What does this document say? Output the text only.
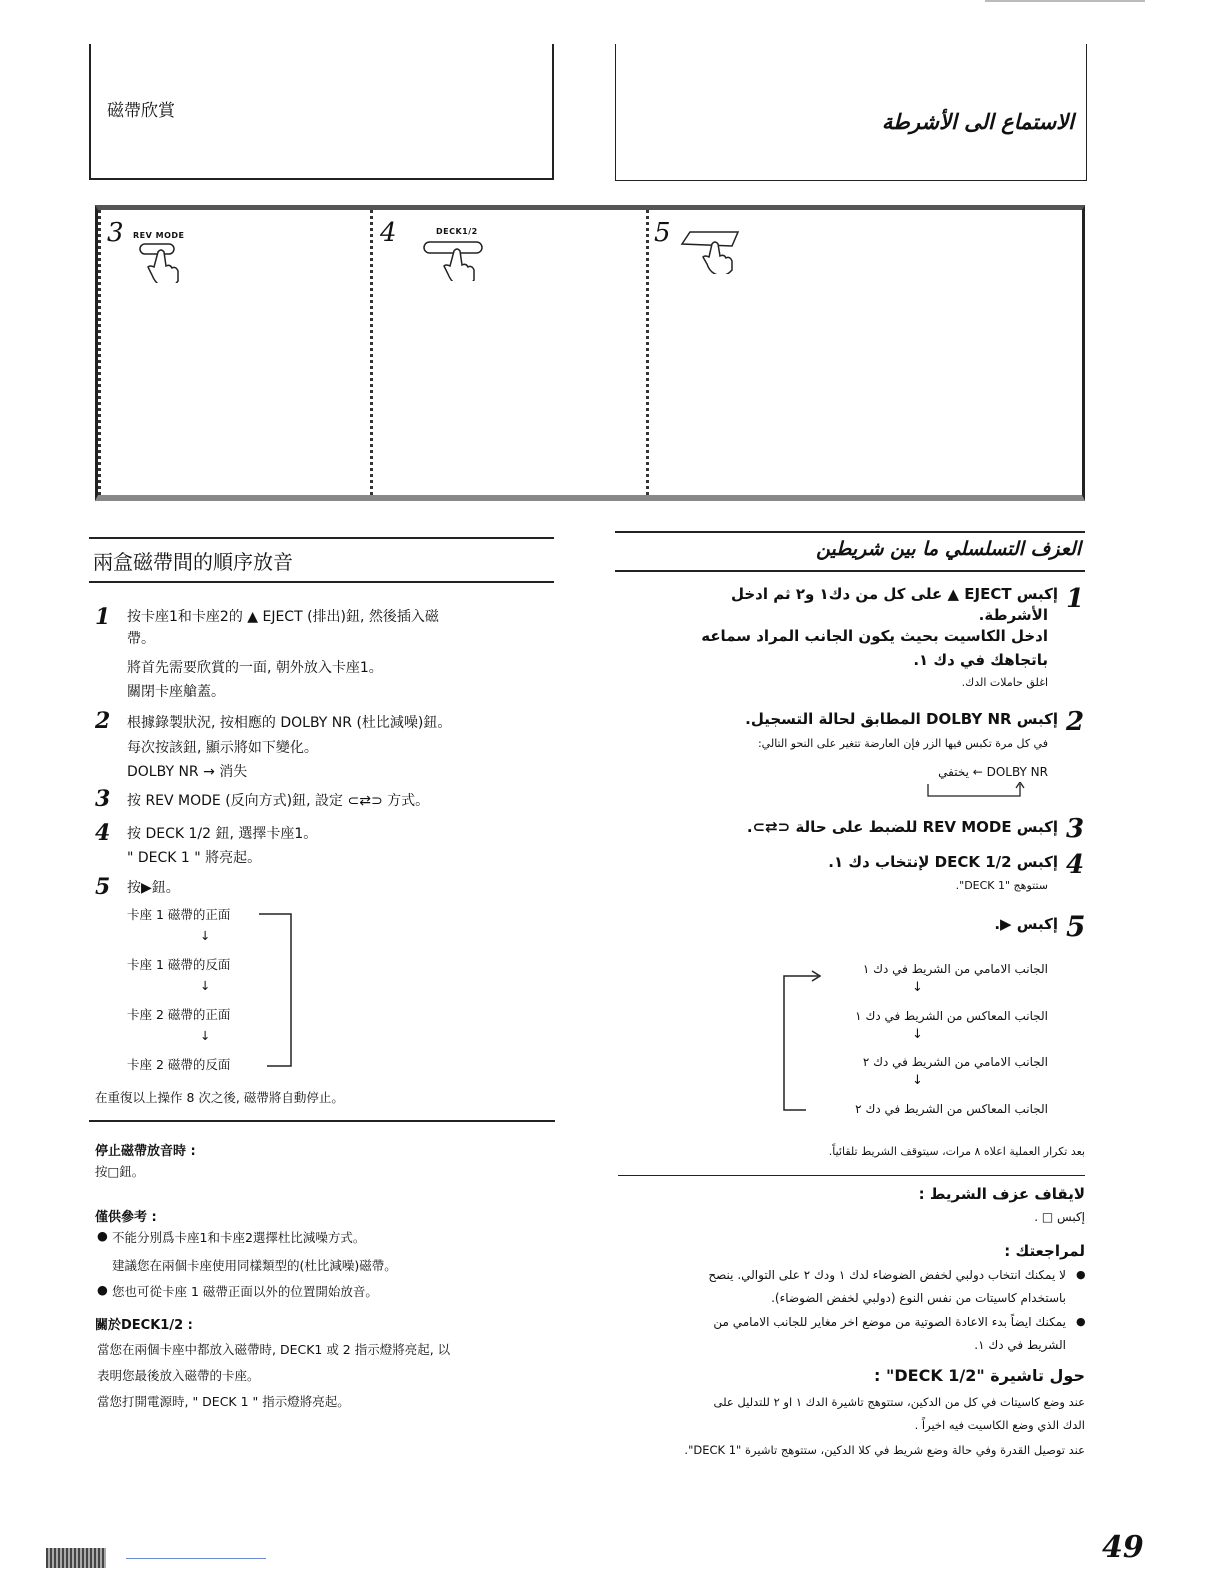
磁帶欣賞	الاستماع الى الأشرطة
3 REV MODE	4	DECK1/2	5
兩盒磁帶間的順序放音
1 按卡座1和卡座2的 ▲ EJECT (排出)鈕, 然後插入磁
帶。
將首先需要欣賞的一面, 朝外放入卡座1。
關閉卡座艙蓋。
2 根據錄製狀況, 按相應的 DOLBY NR (杜比減噪)鈕。
每次按該鈕, 顯示將如下變化。
DOLBY NR → 消失
3 按 REV MODE (反向方式)鈕, 設定 ⊂⇄⊃ 方式。
4 按 DECK 1/2 鈕, 選擇卡座1。
" DECK 1 " 將亮起。
5 按▶鈕。
卡座 1 磁帶的正面
↓
卡座 1 磁帶的反面
↓
卡座 2 磁帶的正面
↓
卡座 2 磁帶的反面
在重復以上操作 8 次之後, 磁帶將自動停止。
停止磁帶放音時 :
按□鈕。
僅供參考 :
● 不能分別爲卡座1和卡座2選擇杜比減噪方式。
建議您在兩個卡座使用同樣類型的(杜比減噪)磁帶。
● 您也可從卡座 1 磁帶正面以外的位置開始放音。
關於DECK1/2 :
當您在兩個卡座中都放入磁帶時, DECK1 或 2 指示燈將亮起, 以
表明您最後放入磁帶的卡座。
當您打開電源時, " DECK 1 " 指示燈將亮起。
العزف التسلسلي ما بين شريطين
1
إكبس EJECT ▲ على كل من دك١ و٢ ثم ادخل
الأشرطة.
ادخل الكاسيت بحيث يكون الجانب المراد سماعه
باتجاهك في دك ١.
اغلق حاملات الدك.
2
إكبس DOLBY NR المطابق لحالة التسجيل.
في كل مرة تكبس فيها الزر فإن العارضة تتغير على النحو التالي:
DOLBY NR ← يختفي
3
إكبس REV MODE للضبط على حالة ⊂⇄⊃.
4
إكبس DECK 1/2 لإنتخاب دك ١.
ستتوهج "DECK 1".
5
إكبس ▶.
الجانب الامامي من الشريط في دك ١
↓
الجانب المعاكس من الشريط في دك ١
↓
الجانب الامامي من الشريط في دك ٢
↓
الجانب المعاكس من الشريط في دك ٢
بعد تكرار العملية اعلاه ٨ مرات، سيتوقف الشريط تلقائياً.
لايقاف عزف الشريط :
إكبس □ .
لمراجعتك :
●
لا يمكنك انتخاب دولبي لخفض الضوضاء لدك ١ ودك ٢ على التوالي. ينصح
باستخدام كاسيتات من نفس النوع (دولبي لخفض الضوضاء).
●
يمكنك ايضاً بدء الاعادة الصوتية من موضع اخر مغاير للجانب الامامي من
الشريط في دك ١.
حول تاشيرة "DECK 1/2" :
عند وضع كاسيتات في كل من الدكين، ستتوهج تاشيرة الدك ١ او ٢ للتدليل على
الدك الذي وضع الكاسيت فيه اخيراً .
عند توصيل القدرة وفي حالة وضع شريط في كلا الدكين، ستتوهج تاشيرة "DECK 1".
49
